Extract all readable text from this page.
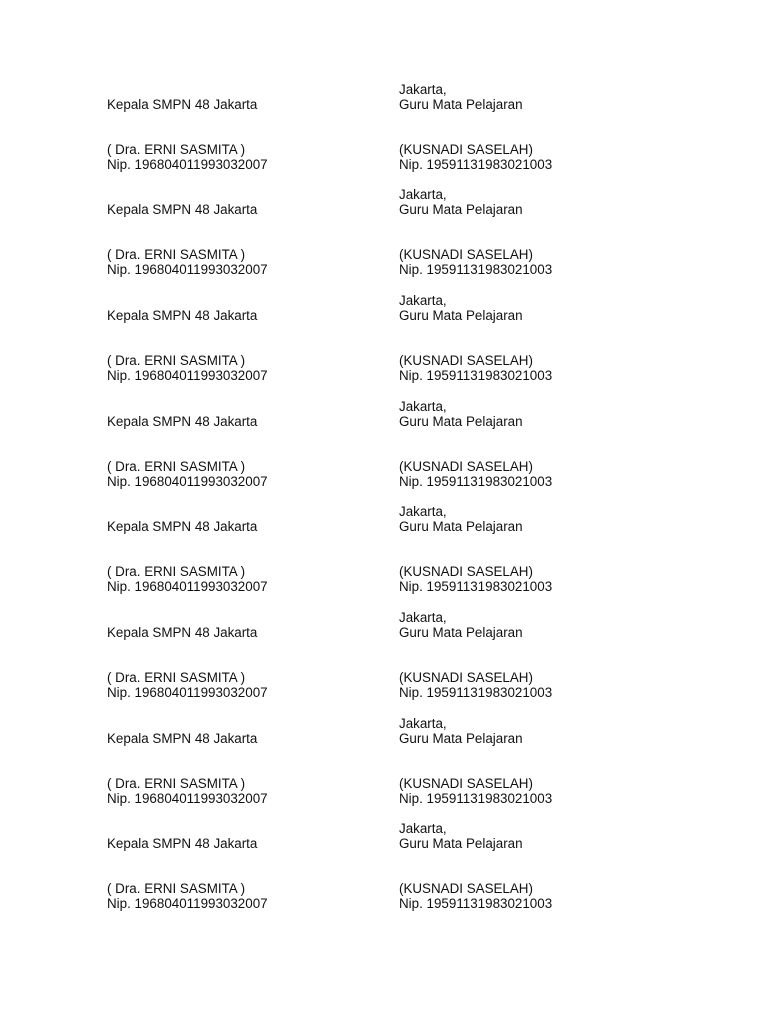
Jakarta,
Kepala SMPN 48 Jakarta	Guru Mata Pelajaran
( Dra. ERNI SASMITA )	(KUSNADI SASELAH)
Nip. 196804011993032007	Nip. 19591131983021003
Jakarta,
Kepala SMPN 48 Jakarta	Guru Mata Pelajaran
( Dra. ERNI SASMITA )	(KUSNADI SASELAH)
Nip. 196804011993032007	Nip. 19591131983021003
Jakarta,
Kepala SMPN 48 Jakarta	Guru Mata Pelajaran
( Dra. ERNI SASMITA )	(KUSNADI SASELAH)
Nip. 196804011993032007	Nip. 19591131983021003
Jakarta,
Kepala SMPN 48 Jakarta	Guru Mata Pelajaran
( Dra. ERNI SASMITA )	(KUSNADI SASELAH)
Nip. 196804011993032007	Nip. 19591131983021003
Jakarta,
Kepala SMPN 48 Jakarta	Guru Mata Pelajaran
( Dra. ERNI SASMITA )	(KUSNADI SASELAH)
Nip. 196804011993032007	Nip. 19591131983021003
Jakarta,
Kepala SMPN 48 Jakarta	Guru Mata Pelajaran
( Dra. ERNI SASMITA )	(KUSNADI SASELAH)
Nip. 196804011993032007	Nip. 19591131983021003
Jakarta,
Kepala SMPN 48 Jakarta	Guru Mata Pelajaran
( Dra. ERNI SASMITA )	(KUSNADI SASELAH)
Nip. 196804011993032007	Nip. 19591131983021003
Jakarta,
Kepala SMPN 48 Jakarta	Guru Mata Pelajaran
( Dra. ERNI SASMITA )	(KUSNADI SASELAH)
Nip. 196804011993032007	Nip. 19591131983021003
